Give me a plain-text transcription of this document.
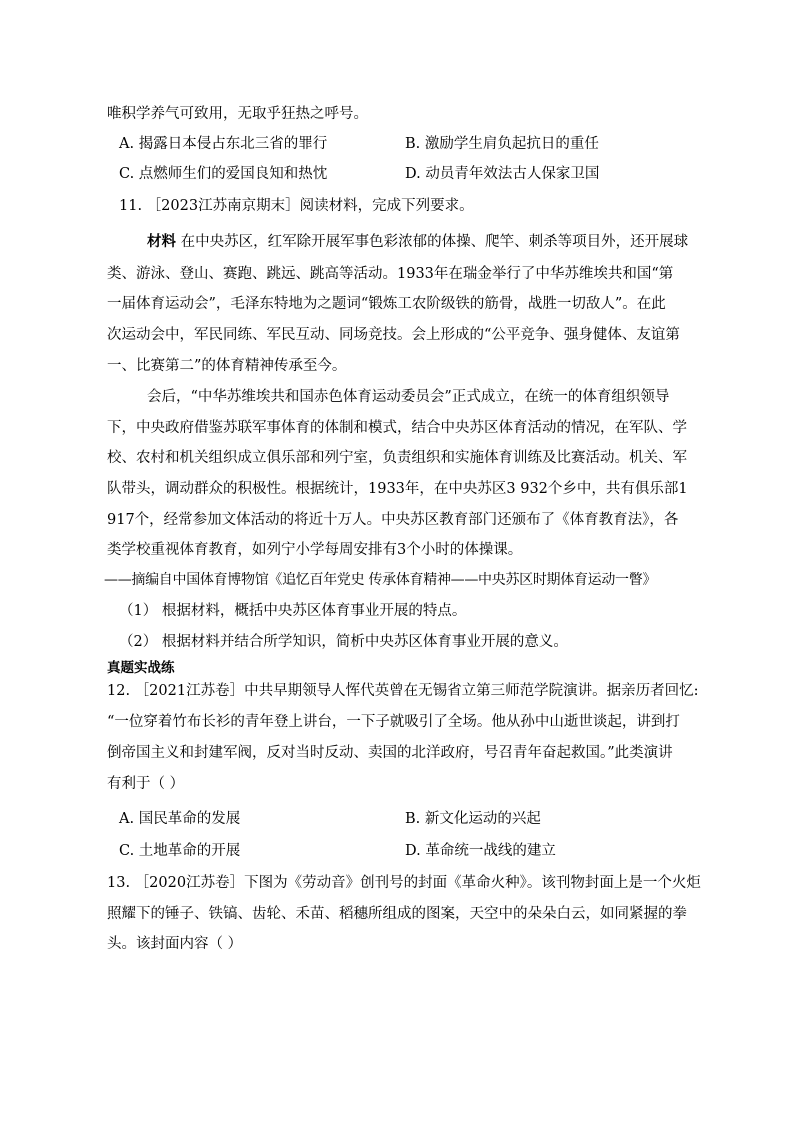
唯积学养气可致用，无取乎狂热之呼号。
A. 揭露日本侵占东北三省的罪行	B. 激励学生肩负起抗日的重任
C. 点燃师生们的爱国良知和热忱	D. 动员青年效法古人保家卫国
11. ［2023江苏南京期末］阅读材料，完成下列要求。
材料 在中央苏区，红军除开展军事色彩浓郁的体操、爬竿、刺杀等项目外，还开展球
类、游泳、登山、赛跑、跳远、跳高等活动。1933年在瑞金举行了中华苏维埃共和国“第
一届体育运动会”，毛泽东特地为之题词“锻炼工农阶级铁的筋骨，战胜一切敌人”。在此
次运动会中，军民同练、军民互动、同场竞技。会上形成的“公平竞争、强身健体、友谊第
一、比赛第二”的体育精神传承至今。
会后，“中华苏维埃共和国赤色体育运动委员会”正式成立，在统一的体育组织领导
下，中央政府借鉴苏联军事体育的体制和模式，结合中央苏区体育活动的情况，在军队、学
校、农村和机关组织成立俱乐部和列宁室，负责组织和实施体育训练及比赛活动。机关、军
队带头，调动群众的积极性。根据统计，1933年，在中央苏区3 932个乡中，共有俱乐部1
917个，经常参加文体活动的将近十万人。中央苏区教育部门还颁布了《体育教育法》，各
类学校重视体育教育，如列宁小学每周安排有3个小时的体操课。
——摘编自中国体育博物馆《追忆百年党史 传承体育精神——中央苏区时期体育运动一瞥》
（1） 根据材料，概括中央苏区体育事业开展的特点。
（2） 根据材料并结合所学知识，简析中央苏区体育事业开展的意义。
真题实战练
12. ［2021江苏卷］中共早期领导人恽代英曾在无锡省立第三师范学院演讲。据亲历者回忆:
“一位穿着竹布长衫的青年登上讲台，一下子就吸引了全场。他从孙中山逝世谈起，讲到打
倒帝国主义和封建军阀，反对当时反动、卖国的北洋政府，号召青年奋起救国。”此类演讲
有利于（ ）
A. 国民革命的发展	B. 新文化运动的兴起
C. 土地革命的开展	D. 革命统一战线的建立
13. ［2020江苏卷］下图为《劳动音》创刊号的封面《革命火种》。该刊物封面上是一个火炬
照耀下的锤子、铁镐、齿轮、禾苗、稻穗所组成的图案，天空中的朵朵白云，如同紧握的拳
头。该封面内容（ ）
